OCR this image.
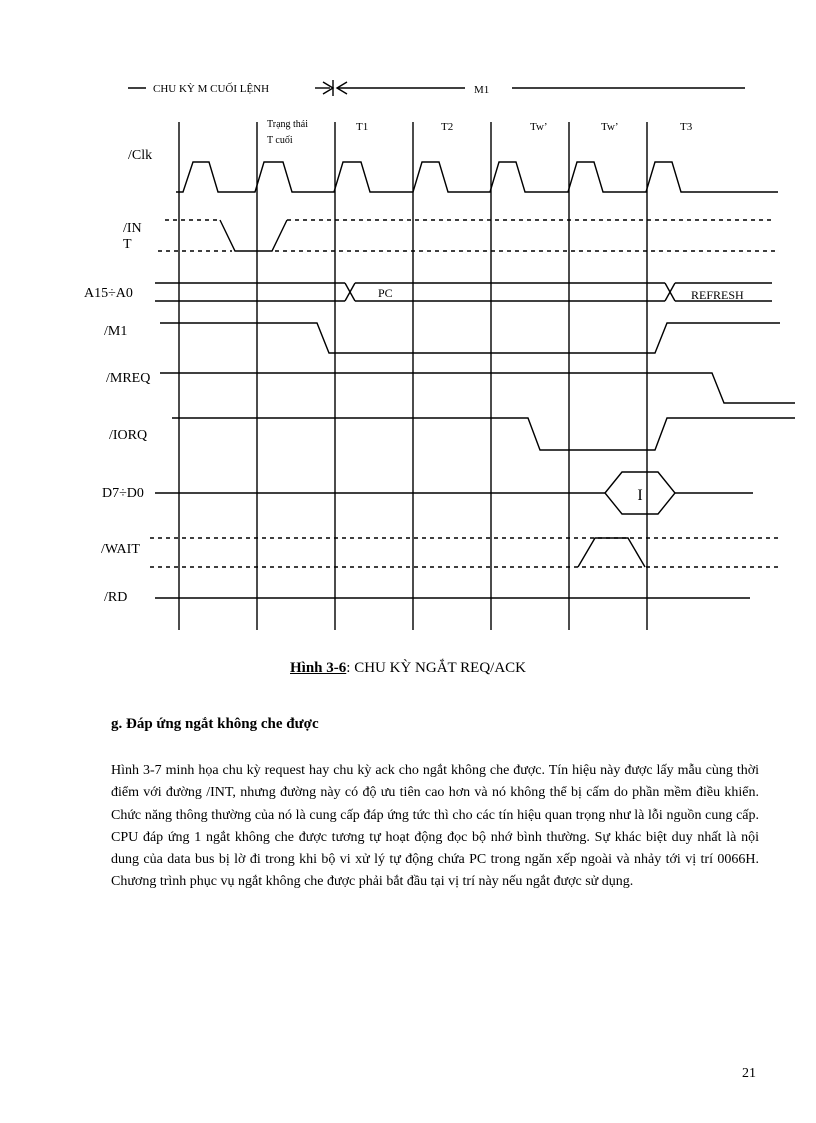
CHU KỲ M CUỐI LỆNH	M1
Trạng thái
T cuối
T1	T2	Tw’	Tw’	T3
/Clk
/IN
T
A15÷A0
/M1
/MREQ
/IORQ
D7÷D0
/WAIT
/RD
PC	REFRESH
I
Hình 3-6: CHU KỲ NGẮT REQ/ACK
g. Đáp ứng ngắt không che được

Hình 3-7 minh họa chu kỳ request hay chu kỳ ack cho ngắt không che được. Tín hiệu này được lấy mẫu cùng thời điểm với đường /INT, nhưng đường này có độ ưu tiên cao hơn và nó không thể bị cấm do phần mềm điều khiển. Chức năng thông thường của nó là cung cấp đáp ứng tức thì cho các tín hiệu quan trọng như là lỗi nguồn cung cấp. CPU đáp ứng 1 ngắt không che được tương tự hoạt động đọc bộ nhớ bình thường. Sự khác biệt duy nhất là nội dung của data bus bị lờ đi trong khi bộ vi xử lý tự động chứa PC trong ngăn xếp ngoài và nhảy tới vị trí 0066H. Chương trình phục vụ ngắt không che được phải bắt đầu tại vị trí này nếu ngắt được sử dụng.

21
